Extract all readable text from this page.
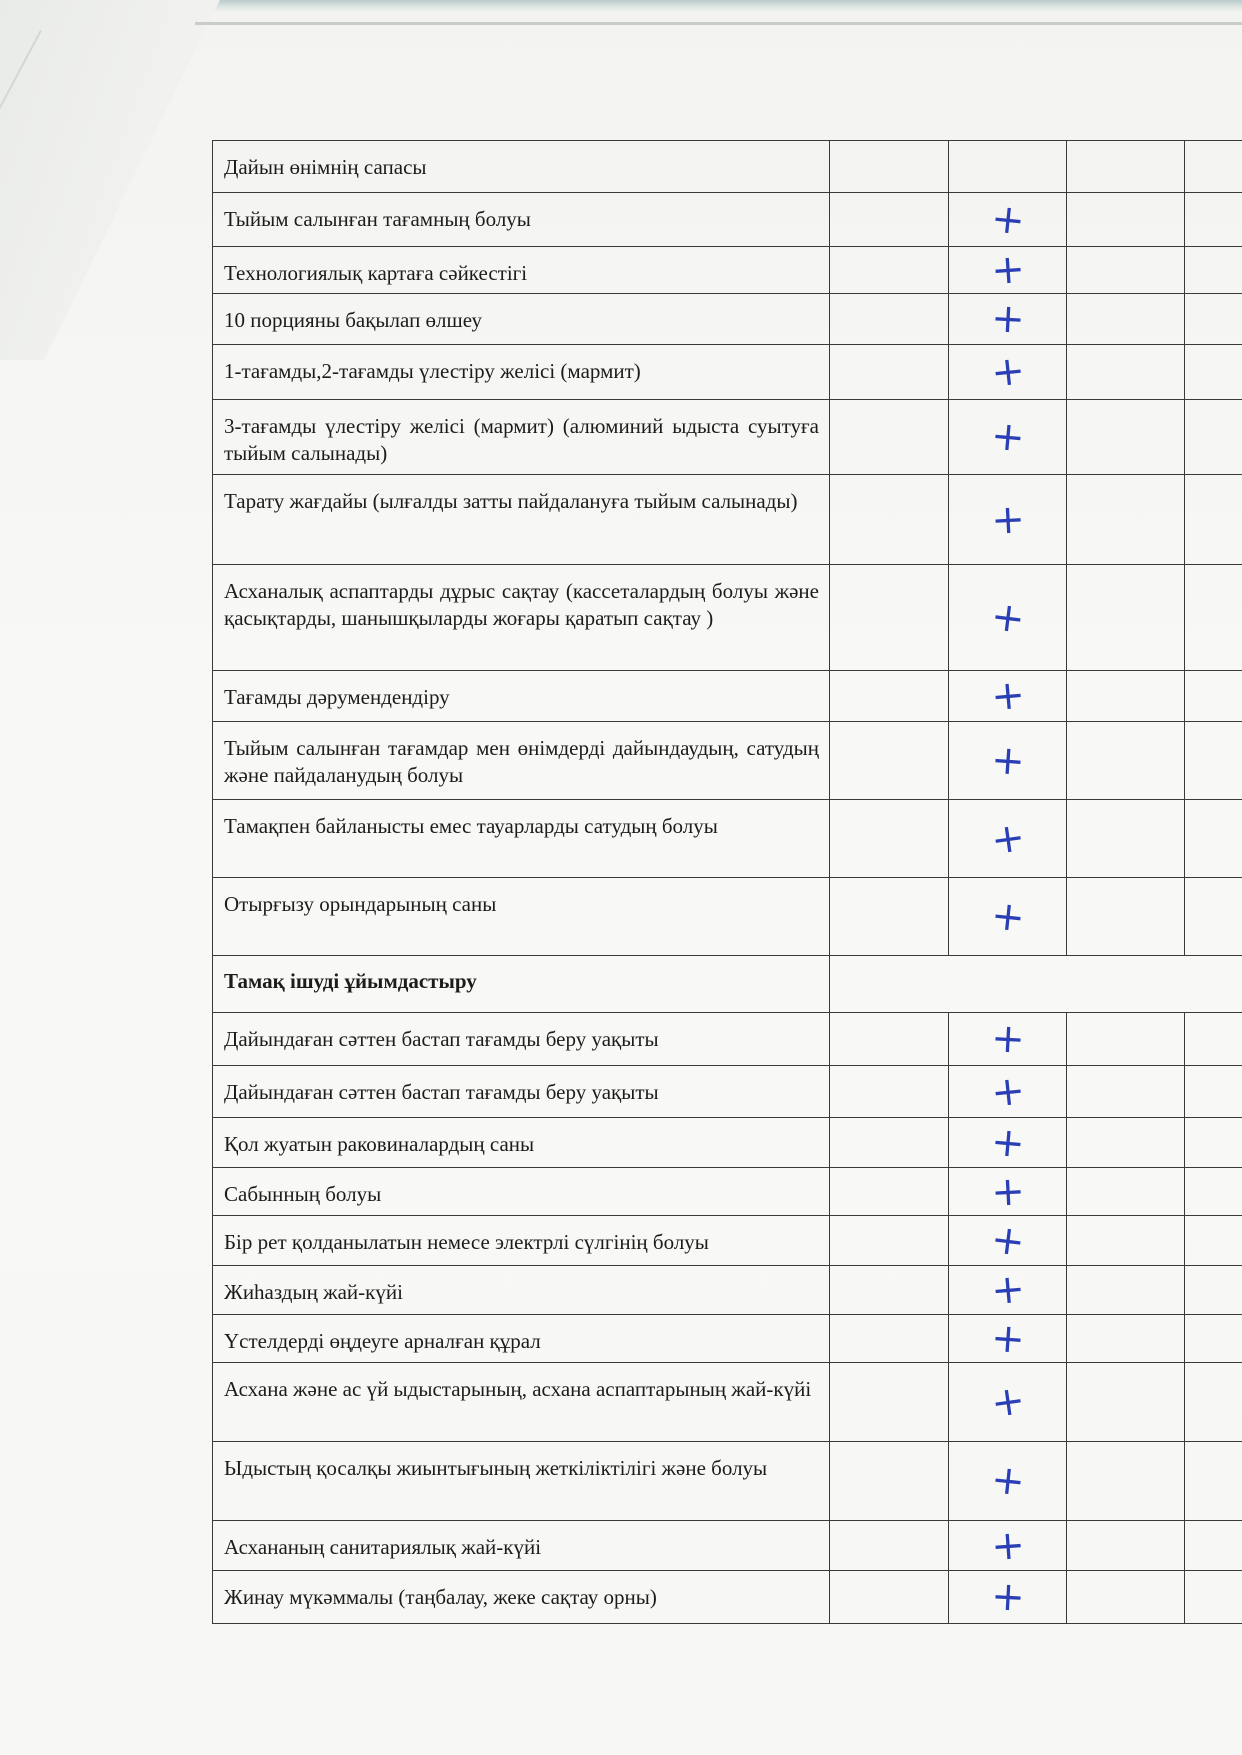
Дайын өнімнің сапасы				
Тыйым салынған тағамның болуы		+		

Технологиялық картаға сәйкестігі		+		

10 порцияны бақылап өлшеу		+		

1-тағамды,2-тағамды үлестіру желісі (мармит)		+		

3-тағамды үлестіру желісі (мармит) (алюминий ыдыста суытуға тыйым салынады)		+		

Тарату жағдайы (ылғалды затты пайдалануға тыйым салынады)		+		

Асханалық аспаптарды дұрыс сақтау (кассеталардың болуы және қасықтарды, шанышқыларды жоғары қаратып сақтау )		+		

Тағамды дәрумендендіру		+		

Тыйым салынған тағамдар мен өнімдерді дайындаудың, сатудың және пайдаланудың болуы		+		

Тамақпен байланысты емес тауарларды сатудың болуы		+		

Отырғызу орындарының саны		+		

Тамақ ішуді ұйымдастыру				
Дайындаған сәттен бастап тағамды беру уақыты		+		

Дайындаған сәттен бастап тағамды беру уақыты		+		

Қол жуатын раковиналардың саны		+		

Сабынның болуы		+		

Бір рет қолданылатын немесе электрлі сүлгінің болуы		+		

Жиһаздың жай-күйі		+		

Үстелдерді өңдеуге арналған құрал		+		

Асхана және ас үй ыдыстарының, асхана аспаптарының жай-күйі		+		

Ыдыстың қосалқы жиынтығының жеткіліктілігі және болуы		+		

Асхананың санитариялық жай-күйі		+		

Жинау мүкәммалы (таңбалау, жеке сақтау орны)		+		
